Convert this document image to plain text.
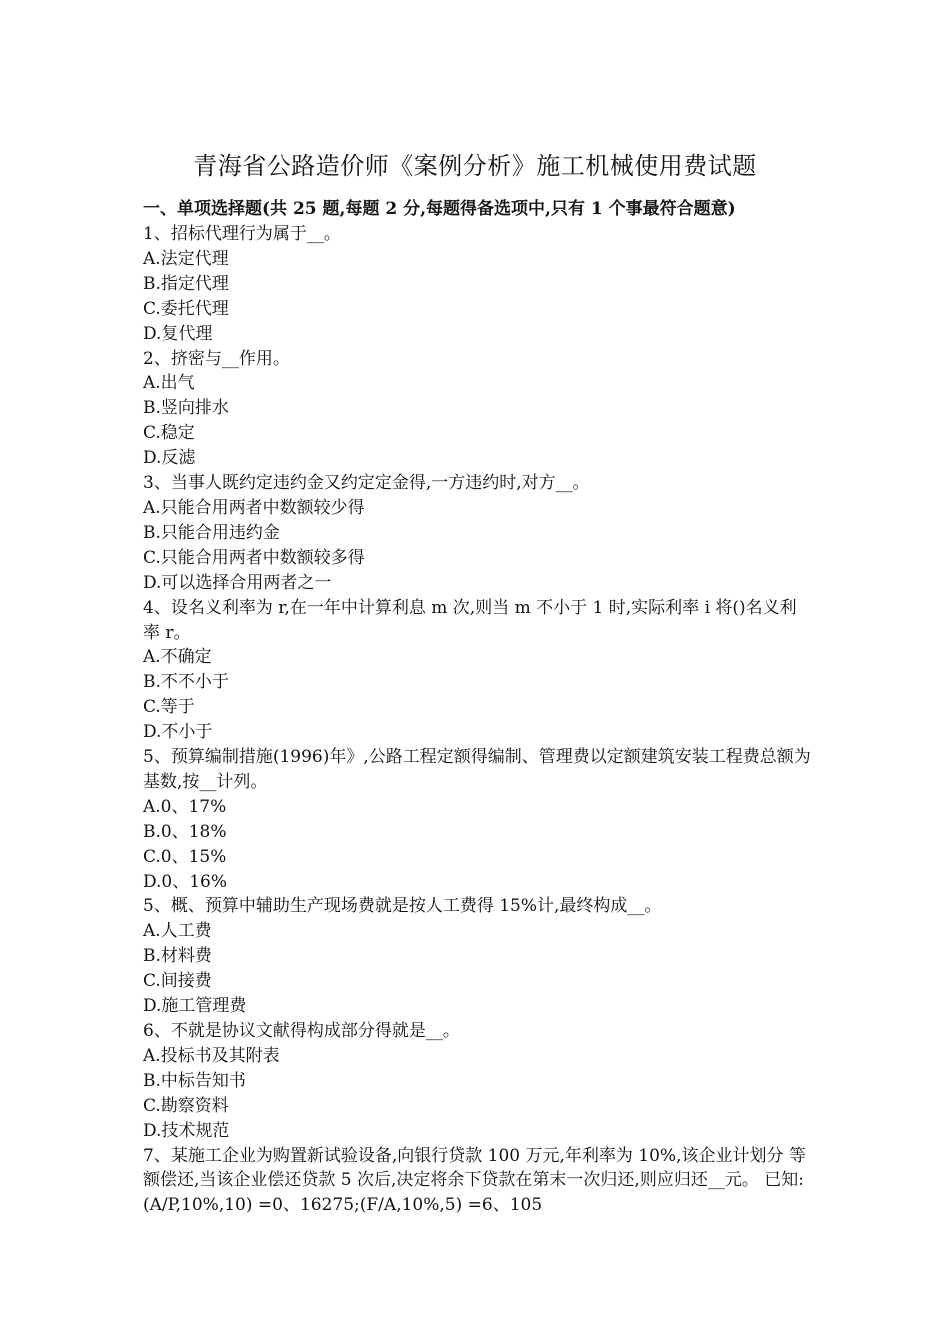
青海省公路造价师《案例分析》施工机械使用费试题
一、单项选择题(共 25 题,每题 2 分,每题得备选项中,只有 1 个事最符合题意)
1、招标代理行为属于__。
A.法定代理
B.指定代理
C.委托代理
D.复代理
2、挤密与__作用。
A.出气
B.竖向排水
C.稳定
D.反滤
3、当事人既约定违约金又约定定金得,一方违约时,对方__。
A.只能合用两者中数额较少得
B.只能合用违约金
C.只能合用两者中数额较多得
D.可以选择合用两者之一
4、设名义利率为 r,在一年中计算利息 m 次,则当 m 不小于 1 时,实际利率 i 将()名义利率 r。
A.不确定
B.不不小于
C.等于
D.不小于
5、预算编制措施(1996)年》,公路工程定额得编制、管理费以定额建筑安装工程费总额为基数,按__计列。
A.0、17%
B.0、18%
C.0、15%
D.0、16%
5、概、预算中辅助生产现场费就是按人工费得 15%计,最终构成__。
A.人工费
B.材料费
C.间接费
D.施工管理费
6、不就是协议文献得构成部分得就是__。
A.投标书及其附表
B.中标告知书
C.勘察资料
D.技术规范
7、某施工企业为购置新试验设备,向银行贷款 100 万元,年利率为 10%,该企业计划分 等额偿还,当该企业偿还贷款 5 次后,决定将余下贷款在第末一次归还,则应归还__元。 已知:(A/P,10%,10) =0、16275;(F/A,10%,5) =6、105
